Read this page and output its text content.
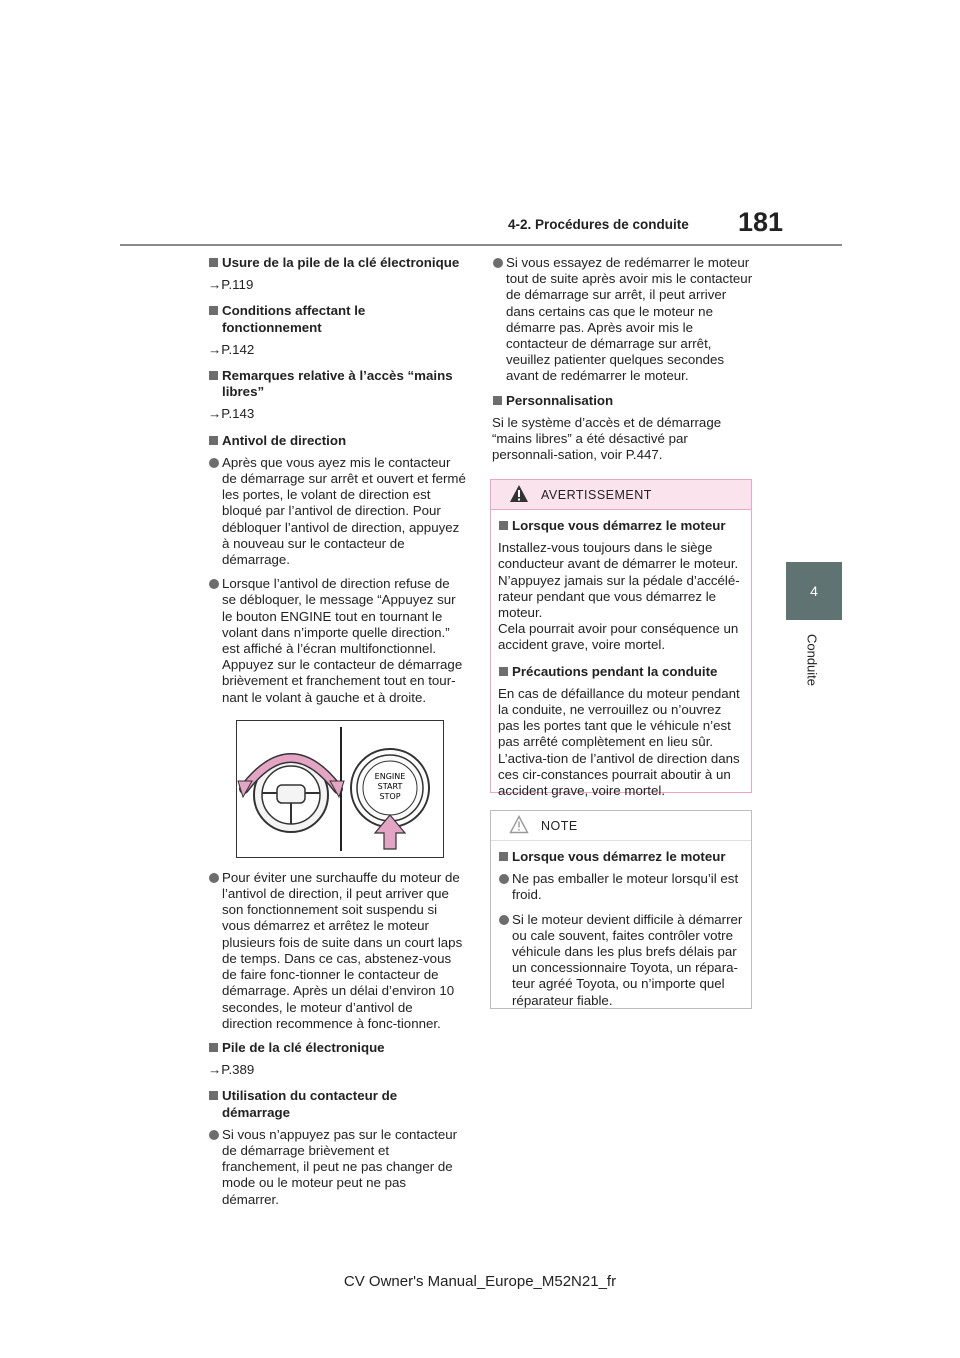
4-2. Procédures de conduite 181
4
Conduite
Usure de la pile de la clé électronique
→P.119
Conditions affectant le fonctionnement
→P.142
Remarques relative à l’accès “mains libres”
→P.143
Antivol de direction
Après que vous ayez mis le contacteur de démarrage sur arrêt et ouvert et fermé les portes, le volant de direction est bloqué par l’antivol de direction. Pour débloquer l’antivol de direction, appuyez à nouveau sur le contacteur de démarrage.
Lorsque l’antivol de direction refuse de se débloquer, le message “Appuyez sur le bouton ENGINE tout en tournant le volant dans n’importe quelle direction.” est affiché à l’écran multifonctionnel.
Appuyez sur le contacteur de démarrage brièvement et franchement tout en tour-nant le volant à gauche et à droite.
ENGINE
START
STOP
Pour éviter une surchauffe du moteur de l’antivol de direction, il peut arriver que son fonctionnement soit suspendu si vous démarrez et arrêtez le moteur plusieurs fois de suite dans un court laps de temps. Dans ce cas, abstenez-vous de faire fonc-tionner le contacteur de démarrage. Après un délai d’environ 10 secondes, le moteur d’antivol de direction recommence à fonc-tionner.
Pile de la clé électronique
→P.389
Utilisation du contacteur de démarrage
Si vous n’appuyez pas sur le contacteur de démarrage brièvement et franchement, il peut ne pas changer de mode ou le moteur peut ne pas démarrer.
Si vous essayez de redémarrer le moteur tout de suite après avoir mis le contacteur de démarrage sur arrêt, il peut arriver dans certains cas que le moteur ne démarre pas. Après avoir mis le contacteur de démarrage sur arrêt, veuillez patienter quelques secondes avant de redémarrer le moteur.
Personnalisation
Si le système d’accès et de démarrage “mains libres” a été désactivé par personnali-sation, voir P.447.
AVERTISSEMENT
Lorsque vous démarrez le moteur
Installez-vous toujours dans le siège conducteur avant de démarrer le moteur. N’appuyez jamais sur la pédale d’accélé-rateur pendant que vous démarrez le moteur.
Cela pourrait avoir pour conséquence un accident grave, voire mortel.
Précautions pendant la conduite
En cas de défaillance du moteur pendant la conduite, ne verrouillez ou n’ouvrez pas les portes tant que le véhicule n’est pas arrêté complètement en lieu sûr. L’activa-tion de l’antivol de direction dans ces cir-constances pourrait aboutir à un accident grave, voire mortel.
NOTE
Lorsque vous démarrez le moteur
Ne pas emballer le moteur lorsqu’il est froid.
Si le moteur devient difficile à démarrer ou cale souvent, faites contrôler votre véhicule dans les plus brefs délais par un concessionnaire Toyota, un répara-teur agréé Toyota, ou n’importe quel réparateur fiable.
CV Owner's Manual_Europe_M52N21_fr
